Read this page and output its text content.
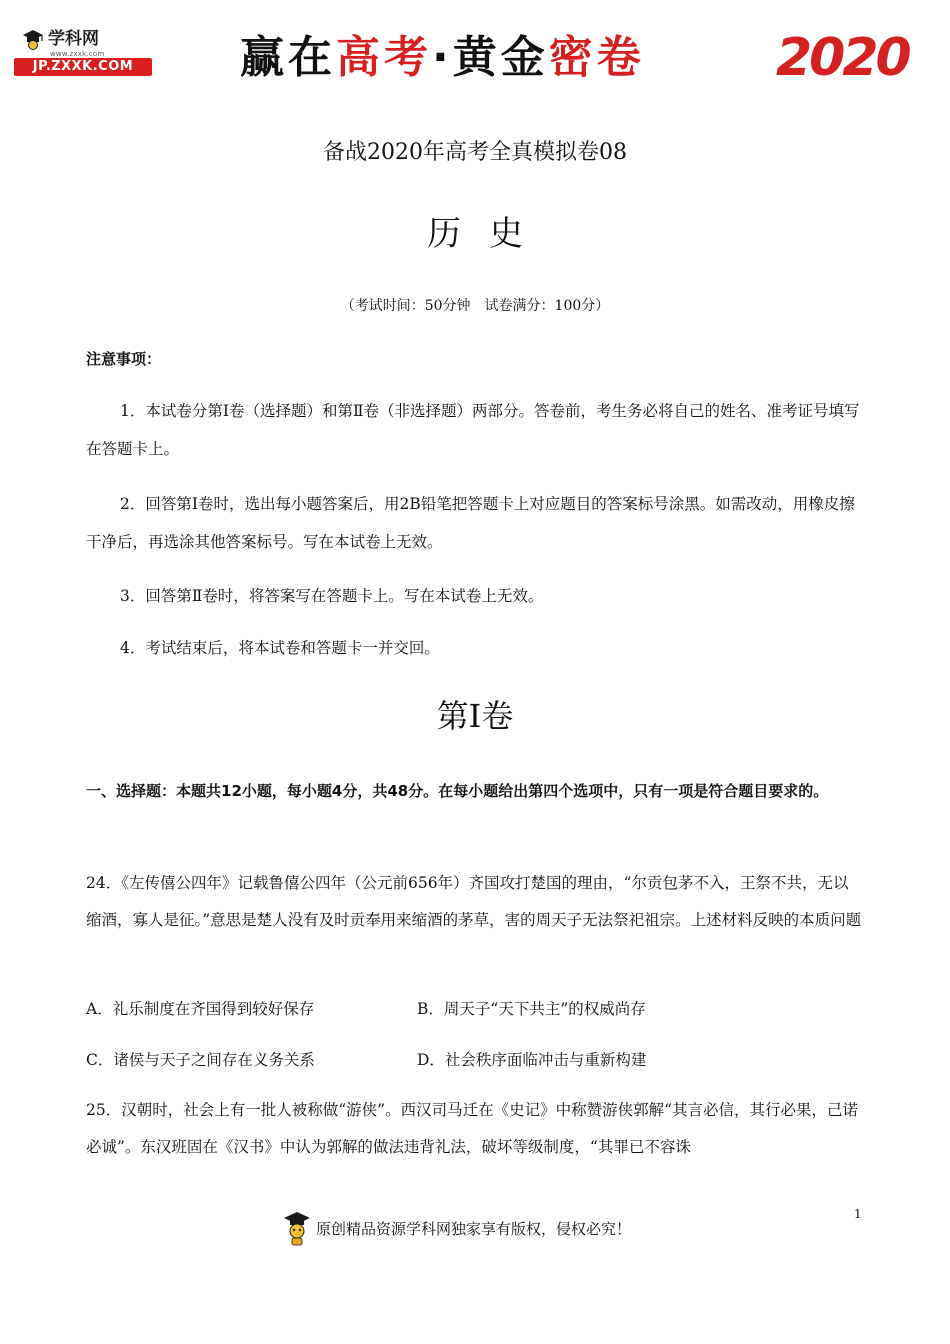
学科网
www.zxxk.com
JP.ZXXK.COM	赢在 高考 ·黄金 密卷	2020
备战2020年高考全真模拟卷08
历史
（考试时间：50分钟　试卷满分：100分）
注意事项：
1．本试卷分第Ⅰ卷（选择题）和第Ⅱ卷（非选择题）两部分。答卷前，考生务必将自己的姓名、准考证号填写在答题卡上。
2．回答第Ⅰ卷时，选出每小题答案后，用2B铅笔把答题卡上对应题目的答案标号涂黑。如需改动，用橡皮擦干净后，再选涂其他答案标号。写在本试卷上无效。
3．回答第Ⅱ卷时，将答案写在答题卡上。写在本试卷上无效。
4．考试结束后，将本试卷和答题卡一并交回。
第Ⅰ卷
一、选择题：本题共12小题，每小题4分，共48分。在每小题给出第四个选项中，只有一项是符合题目要求的。
24．《左传僖公四年》记载鲁僖公四年（公元前656年）齐国攻打楚国的理由，“尔贡包茅不入，王祭不共，无以缩酒，寡人是征。”意思是楚人没有及时贡奉用来缩酒的茅草，害的周天子无法祭祀祖宗。上述材料反映的本质问题
A．礼乐制度在齐国得到较好保存	B．周天子“天下共主”的权威尚存
C．诸侯与天子之间存在义务关系	D．社会秩序面临冲击与重新构建
25．汉朝时，社会上有一批人被称做“游侠”。西汉司马迁在《史记》中称赞游侠郭解“其言必信，其行必果，己诺必诚”。东汉班固在《汉书》中认为郭解的做法违背礼法，破坏等级制度，“其罪已不容诛
1
原创精品资源学科网独家享有版权，侵权必究！
